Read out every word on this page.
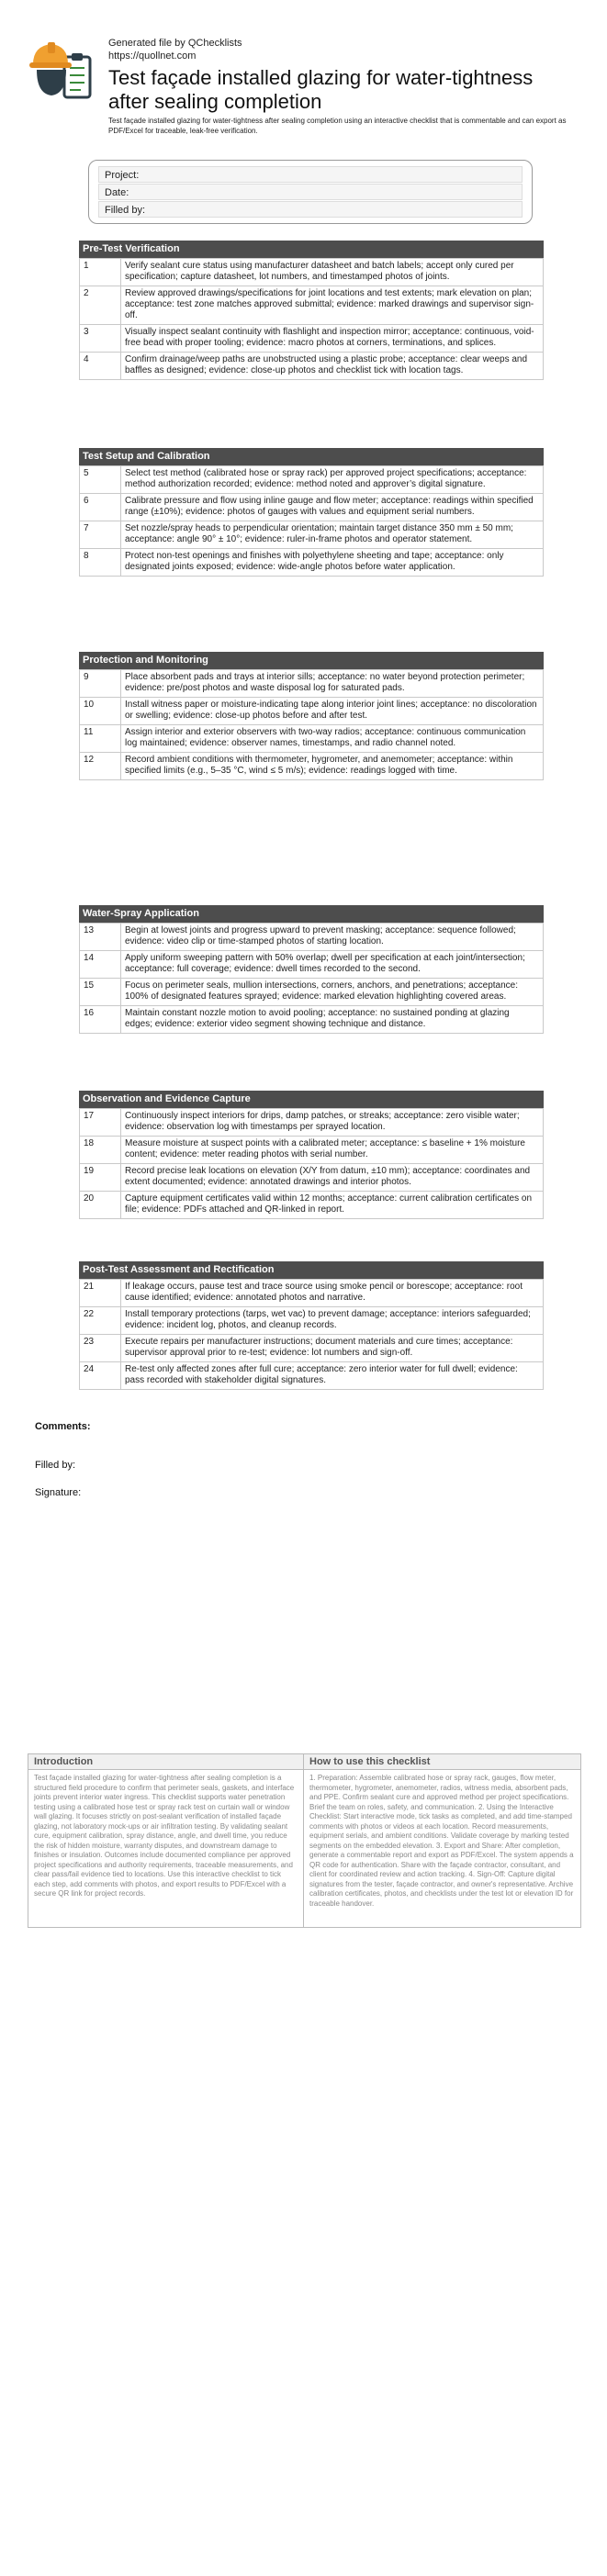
Generated file by QChecklists
https://quollnet.com
Test façade installed glazing for water-tightness after sealing completion
Test façade installed glazing for water-tightness after sealing completion using an interactive checklist that is commentable and can export as PDF/Excel for traceable, leak-free verification.
Project:
Date:
Filled by:
Pre-Test Verification
1	Verify sealant cure status using manufacturer datasheet and batch labels; accept only cured per specification; capture datasheet, lot numbers, and timestamped photos of joints.
2	Review approved drawings/specifications for joint locations and test extents; mark elevation on plan; acceptance: test zone matches approved submittal; evidence: marked drawings and supervisor sign-off.
3	Visually inspect sealant continuity with flashlight and inspection mirror; acceptance: continuous, void-free bead with proper tooling; evidence: macro photos at corners, terminations, and splices.
4	Confirm drainage/weep paths are unobstructed using a plastic probe; acceptance: clear weeps and baffles as designed; evidence: close-up photos and checklist tick with location tags.
Test Setup and Calibration
5	Select test method (calibrated hose or spray rack) per approved project specifications; acceptance: method authorization recorded; evidence: method noted and approver’s digital signature.
6	Calibrate pressure and flow using inline gauge and flow meter; acceptance: readings within specified range (±10%); evidence: photos of gauges with values and equipment serial numbers.
7	Set nozzle/spray heads to perpendicular orientation; maintain target distance 350 mm ± 50 mm; acceptance: angle 90° ± 10°; evidence: ruler-in-frame photos and operator statement.
8	Protect non-test openings and finishes with polyethylene sheeting and tape; acceptance: only designated joints exposed; evidence: wide-angle photos before water application.
Protection and Monitoring
9	Place absorbent pads and trays at interior sills; acceptance: no water beyond protection perimeter; evidence: pre/post photos and waste disposal log for saturated pads.
10	Install witness paper or moisture-indicating tape along interior joint lines; acceptance: no discoloration or swelling; evidence: close-up photos before and after test.
11	Assign interior and exterior observers with two-way radios; acceptance: continuous communication log maintained; evidence: observer names, timestamps, and radio channel noted.
12	Record ambient conditions with thermometer, hygrometer, and anemometer; acceptance: within specified limits (e.g., 5–35 °C, wind ≤ 5 m/s); evidence: readings logged with time.
Water-Spray Application
13	Begin at lowest joints and progress upward to prevent masking; acceptance: sequence followed; evidence: video clip or time-stamped photos of starting location.
14	Apply uniform sweeping pattern with 50% overlap; dwell per specification at each joint/intersection; acceptance: full coverage; evidence: dwell times recorded to the second.
15	Focus on perimeter seals, mullion intersections, corners, anchors, and penetrations; acceptance: 100% of designated features sprayed; evidence: marked elevation highlighting covered areas.
16	Maintain constant nozzle motion to avoid pooling; acceptance: no sustained ponding at glazing edges; evidence: exterior video segment showing technique and distance.
Observation and Evidence Capture
17	Continuously inspect interiors for drips, damp patches, or streaks; acceptance: zero visible water; evidence: observation log with timestamps per sprayed location.
18	Measure moisture at suspect points with a calibrated meter; acceptance: ≤ baseline + 1% moisture content; evidence: meter reading photos with serial number.
19	Record precise leak locations on elevation (X/Y from datum, ±10 mm); acceptance: coordinates and extent documented; evidence: annotated drawings and interior photos.
20	Capture equipment certificates valid within 12 months; acceptance: current calibration certificates on file; evidence: PDFs attached and QR-linked in report.
Post-Test Assessment and Rectification
21	If leakage occurs, pause test and trace source using smoke pencil or borescope; acceptance: root cause identified; evidence: annotated photos and narrative.
22	Install temporary protections (tarps, wet vac) to prevent damage; acceptance: interiors safeguarded; evidence: incident log, photos, and cleanup records.
23	Execute repairs per manufacturer instructions; document materials and cure times; acceptance: supervisor approval prior to re-test; evidence: lot numbers and sign-off.
24	Re-test only affected zones after full cure; acceptance: zero interior water for full dwell; evidence: pass recorded with stakeholder digital signatures.
Comments:
Filled by:
Signature:
Introduction
Test façade installed glazing for water-tightness after sealing completion is a structured field procedure to confirm that perimeter seals, gaskets, and interface joints prevent interior water ingress. This checklist supports water penetration testing using a calibrated hose test or spray rack test on curtain wall or window wall glazing. It focuses strictly on post-sealant verification of installed façade glazing, not laboratory mock-ups or air infiltration testing. By validating sealant cure, equipment calibration, spray distance, angle, and dwell time, you reduce the risk of hidden moisture, warranty disputes, and downstream damage to finishes or insulation. Outcomes include documented compliance per approved project specifications and authority requirements, traceable measurements, and clear pass/fail evidence tied to locations. Use this interactive checklist to tick each step, add comments with photos, and export results to PDF/Excel with a secure QR link for project records.
How to use this checklist
1. Preparation: Assemble calibrated hose or spray rack, gauges, flow meter, thermometer, hygrometer, anemometer, radios, witness media, absorbent pads, and PPE. Confirm sealant cure and approved method per project specifications. Brief the team on roles, safety, and communication. 2. Using the Interactive Checklist: Start interactive mode, tick tasks as completed, and add time-stamped comments with photos or videos at each location. Record measurements, equipment serials, and ambient conditions. Validate coverage by marking tested segments on the embedded elevation. 3. Export and Share: After completion, generate a commentable report and export as PDF/Excel. The system appends a QR code for authentication. Share with the façade contractor, consultant, and client for coordinated review and action tracking. 4. Sign-Off: Capture digital signatures from the tester, façade contractor, and owner's representative. Archive calibration certificates, photos, and checklists under the test lot or elevation ID for traceable handover.
